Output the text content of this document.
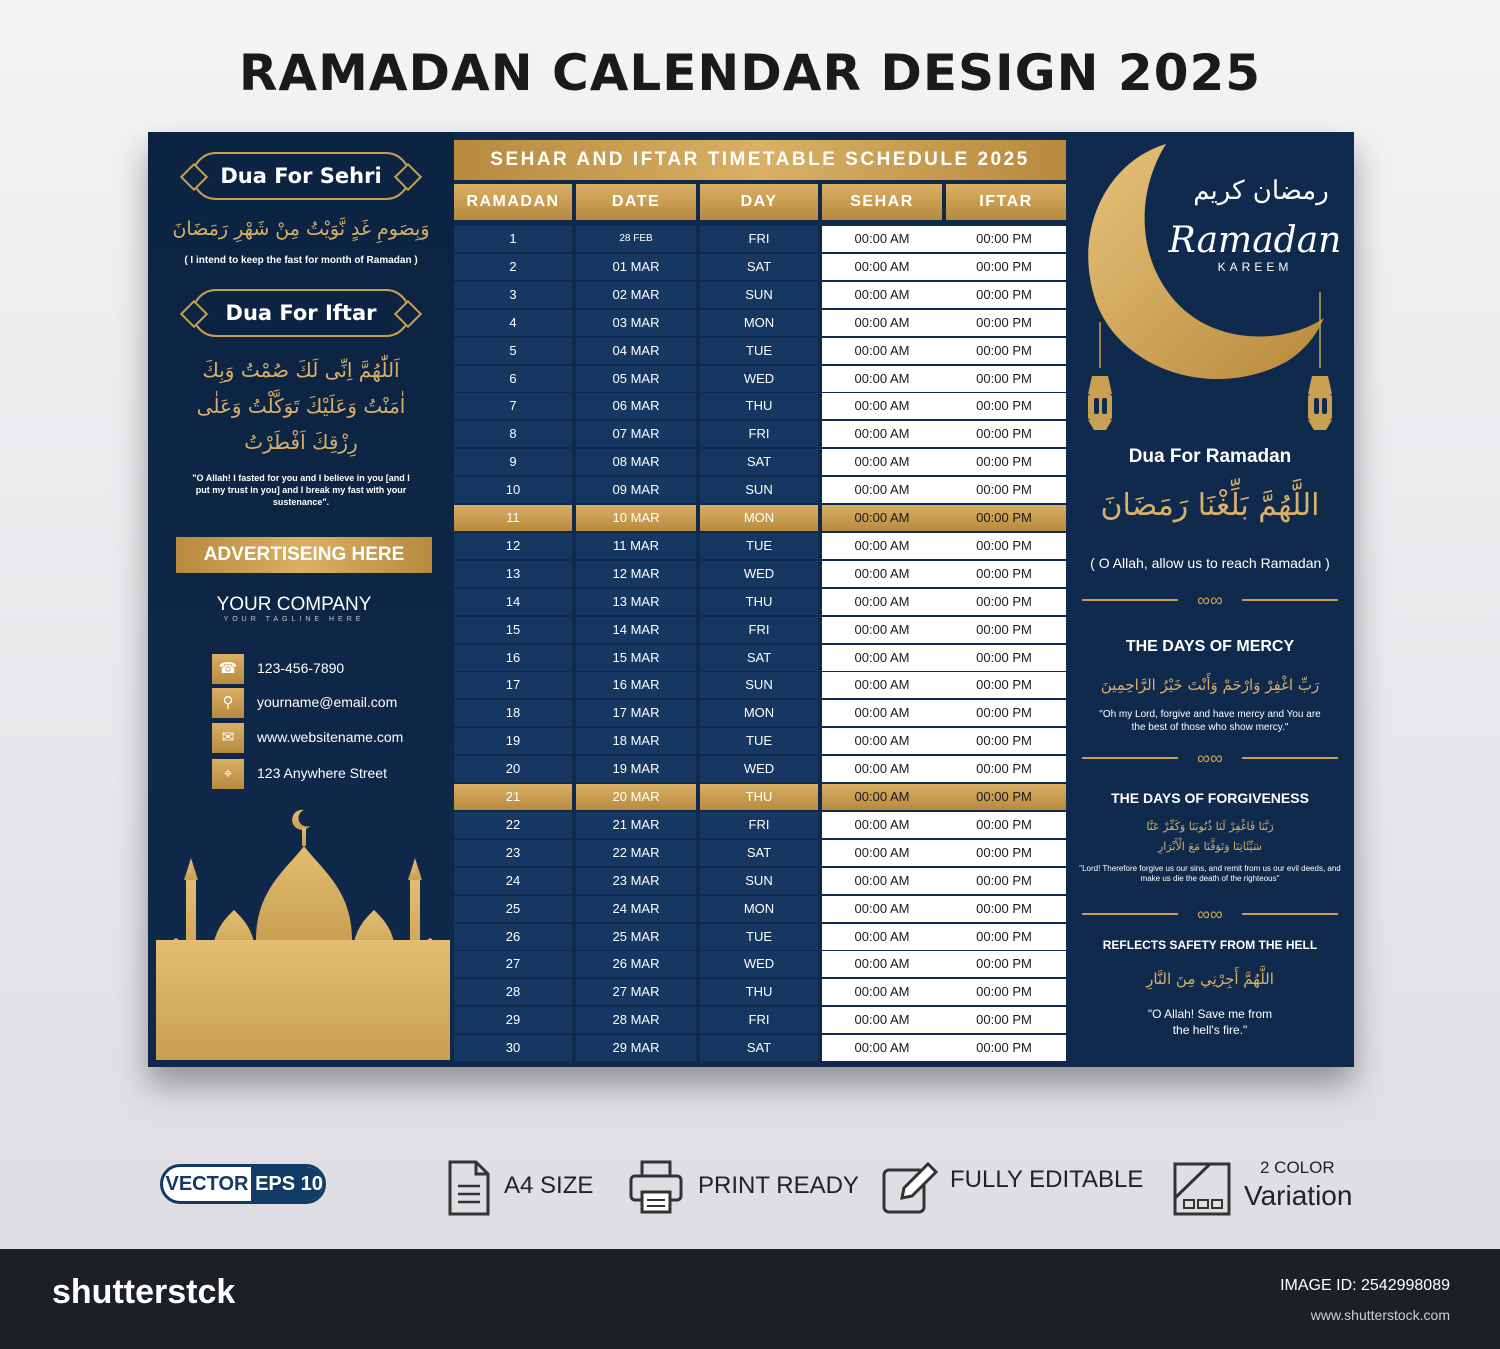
RAMADAN CALENDAR DESIGN 2025
Dua For Sehri
وَبِصَومِ غَدٍ نَّوَيْتُ مِنْ شَهْرِ رَمَضَانَ
( I intend to keep the fast for month of Ramadan )
Dua For Iftar
اَللّٰهُمَّ اِنِّى لَكَ صُمْتُ وَبِكَ
اٰمَنْتُ وَعَلَيْكَ تَوَكَّلْتُ وَعَلٰى
رِزْقِكَ اَفْطَرْتُ
"O Allah! I fasted for you and I believe in you [and I put my trust in you] and I break my fast with your sustenance".
ADVERTISEING HERE
YOUR COMPANY
YOUR TAGLINE HERE
☎	123-456-7890
⚲	yourname@email.com
✉	www.websitename.com
⌖	123 Anywhere Street
SEHAR AND IFTAR TIMETABLE SCHEDULE 2025
RAMADAN	DATE	DAY	SEHAR	IFTAR
1	28 FEB	FRI	00:00 AM	00:00 PM
2	01 MAR	SAT	00:00 AM	00:00 PM
3	02 MAR	SUN	00:00 AM	00:00 PM
4	03 MAR	MON	00:00 AM	00:00 PM
5	04 MAR	TUE	00:00 AM	00:00 PM
6	05 MAR	WED	00:00 AM	00:00 PM
7	06 MAR	THU	00:00 AM	00:00 PM
8	07 MAR	FRI	00:00 AM	00:00 PM
9	08 MAR	SAT	00:00 AM	00:00 PM
10	09 MAR	SUN	00:00 AM	00:00 PM
11	10 MAR	MON	00:00 AM	00:00 PM
12	11 MAR	TUE	00:00 AM	00:00 PM
13	12 MAR	WED	00:00 AM	00:00 PM
14	13 MAR	THU	00:00 AM	00:00 PM
15	14 MAR	FRI	00:00 AM	00:00 PM
16	15 MAR	SAT	00:00 AM	00:00 PM
17	16 MAR	SUN	00:00 AM	00:00 PM
18	17 MAR	MON	00:00 AM	00:00 PM
19	18 MAR	TUE	00:00 AM	00:00 PM
20	19 MAR	WED	00:00 AM	00:00 PM
21	20 MAR	THU	00:00 AM	00:00 PM
22	21 MAR	FRI	00:00 AM	00:00 PM
23	22 MAR	SAT	00:00 AM	00:00 PM
24	23 MAR	SUN	00:00 AM	00:00 PM
25	24 MAR	MON	00:00 AM	00:00 PM
26	25 MAR	TUE	00:00 AM	00:00 PM
27	26 MAR	WED	00:00 AM	00:00 PM
28	27 MAR	THU	00:00 AM	00:00 PM
29	28 MAR	FRI	00:00 AM	00:00 PM
30	29 MAR	SAT	00:00 AM	00:00 PM
رمضان كريم
Ramadan
KAREEM
Dua For Ramadan
اللَّهُمَّ بَلِّغْنَا رَمَضَانَ
( O Allah, allow us to reach Ramadan )
∞∞
THE DAYS OF MERCY
رَبِّ اغْفِرْ وَارْحَمْ وَأَنْتَ خَيْرُ الرَّاحِمِينَ
"Oh my Lord, forgive and have mercy and You are the best of those who show mercy."
∞∞
THE DAYS OF FORGIVENESS
رَبَّنَا فَاغْفِرْ لَنَا ذُنُوبَنَا وَكَفِّرْ عَنَّا
سَيِّئَاتِنَا وَتَوَفَّنَا مَعَ الْأَبْرَارِ
"Lord! Therefore forgive us our sins, and remit from us our evil deeds, and make us die the death of the righteous"
∞∞
REFLECTS SAFETY FROM THE HELL
اللَّهُمَّ أَجِرْنِي مِنَ النَّارِ
"O Allah! Save me from the hell's fire."
VECTOR EPS 10	A4 SIZE	PRINT READY	FULLY EDITABLE	2 COLOR
Variation
shutterstck	IMAGE ID: 2542998089
www.shutterstock.com
